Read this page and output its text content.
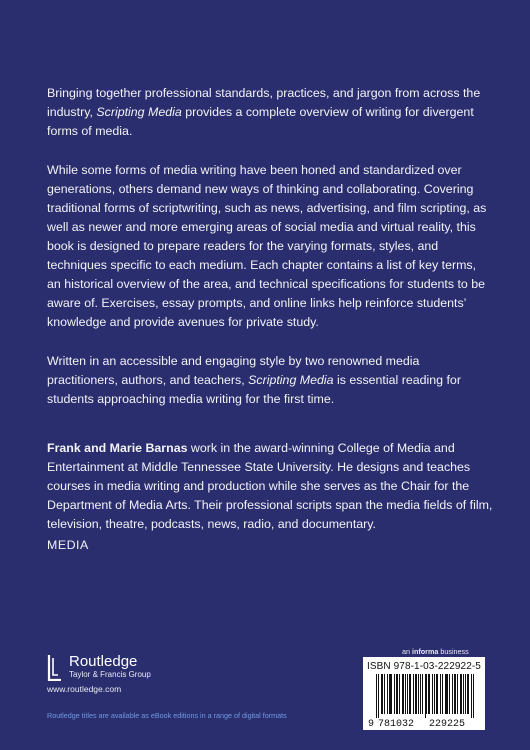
Bringing together professional standards, practices, and jargon from across the industry, Scripting Media provides a complete overview of writing for divergent forms of media.

While some forms of media writing have been honed and standardized over generations, others demand new ways of thinking and collaborating. Covering traditional forms of scriptwriting, such as news, advertising, and film scripting, as well as newer and more emerging areas of social media and virtual reality, this book is designed to prepare readers for the varying formats, styles, and techniques specific to each medium. Each chapter contains a list of key terms, an historical overview of the area, and technical specifications for students to be aware of. Exercises, essay prompts, and online links help reinforce students’ knowledge and provide avenues for private study.

Written in an accessible and engaging style by two renowned media practitioners, authors, and teachers, Scripting Media is essential reading for students approaching media writing for the first time.

Frank and Marie Barnas work in the award-winning College of Media and Entertainment at Middle Tennessee State University. He designs and teaches courses in media writing and production while she serves as the Chair for the Department of Media Arts. Their professional scripts span the media fields of film, television, theatre, podcasts, news, radio, and documentary.

MEDIA
Routledge
Taylor & Francis Group
www.routledge.com
Routledge titles are available as eBook editions in a range of digital formats
an informa business
ISBN 978-1-03-222922-5
9 781032 229225
